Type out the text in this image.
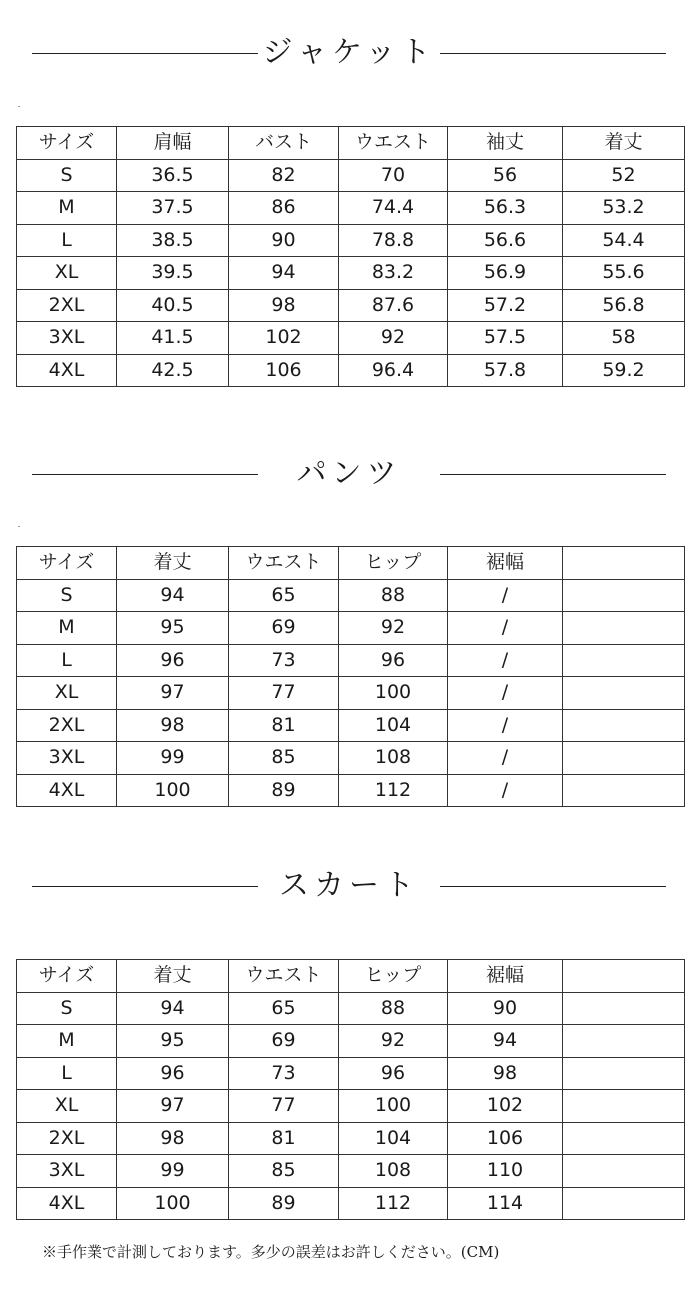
ジャケット
サイズ	肩幅	バスト	ウエスト	袖丈	着丈
S	36.5	82	70	56	52
M	37.5	86	74.4	56.3	53.2
L	38.5	90	78.8	56.6	54.4
XL	39.5	94	83.2	56.9	55.6
2XL	40.5	98	87.6	57.2	56.8
3XL	41.5	102	92	57.5	58
4XL	42.5	106	96.4	57.8	59.2
パンツ
サイズ	着丈	ウエスト	ヒップ	裾幅	
S	94	65	88	/	
M	95	69	92	/	
L	96	73	96	/	
XL	97	77	100	/	
2XL	98	81	104	/	
3XL	99	85	108	/	
4XL	100	89	112	/	
スカート
サイズ	着丈	ウエスト	ヒップ	裾幅	
S	94	65	88	90	
M	95	69	92	94	
L	96	73	96	98	
XL	97	77	100	102	
2XL	98	81	104	106	
3XL	99	85	108	110	
4XL	100	89	112	114	
※手作業で計測しております。多少の誤差はお許しください。(CM)
